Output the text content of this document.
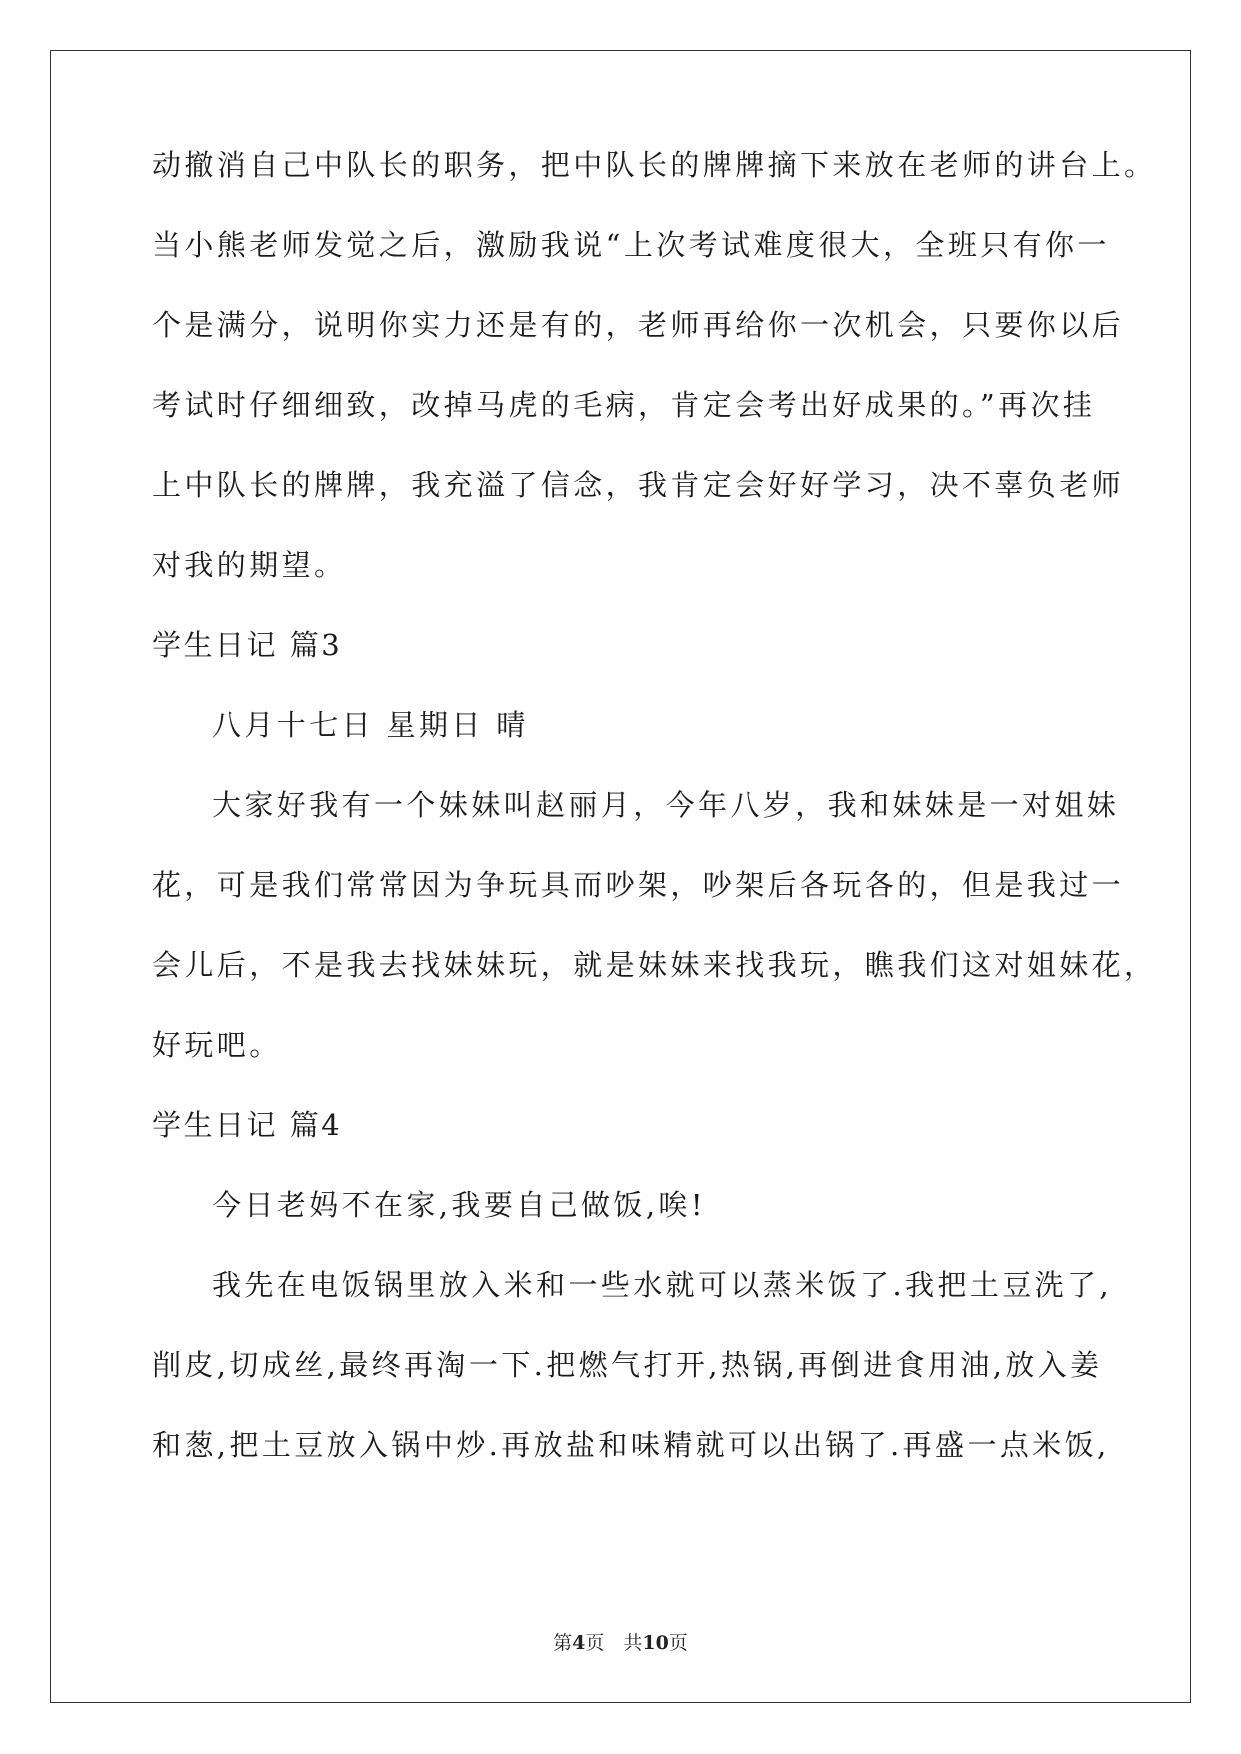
动撤消自己中队长的职务，把中队长的牌牌摘下来放在老师的讲台上。
当小熊老师发觉之后，激励我说“上次考试难度很大，全班只有你一
个是满分，说明你实力还是有的，老师再给你一次机会，只要你以后
考试时仔细细致，改掉马虎的毛病，肯定会考出好成果的。”再次挂
上中队长的牌牌，我充溢了信念，我肯定会好好学习，决不辜负老师
对我的期望。
学生日记 篇3
八月十七日 星期日 晴
大家好我有一个妹妹叫赵丽月，今年八岁，我和妹妹是一对姐妹
花，可是我们常常因为争玩具而吵架，吵架后各玩各的，但是我过一
会儿后，不是我去找妹妹玩，就是妹妹来找我玩，瞧我们这对姐妹花，
好玩吧。
学生日记 篇4
今日老妈不在家,我要自己做饭,唉!
我先在电饭锅里放入米和一些水就可以蒸米饭了.我把土豆洗了,
削皮,切成丝,最终再淘一下.把燃气打开,热锅,再倒进食用油,放入姜
和葱,把土豆放入锅中炒.再放盐和味精就可以出锅了.再盛一点米饭,
第4页　共10页
